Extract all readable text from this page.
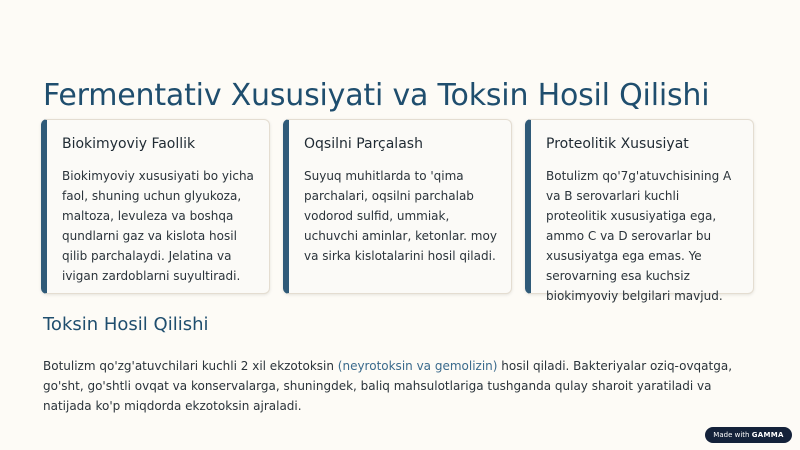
Fermentativ Xususiyati va Toksin Hosil Qilishi
Biokimyoviy Faollik

Biokimyoviy xususiyati bo yicha faol, shuning uchun glyukoza, maltoza, levuleza va boshqa qundlarni gaz va kislota hosil qilib parchalaydi. Jelatina va ivigan zardoblarni suyultiradi.

Oqsilni Parçalash

Suyuq muhitlarda to 'qima parchalari, oqsilni parchalab vodorod sulfid, ummiak, uchuvchi aminlar, ketonlar. moy va sirka kislotalarini hosil qiladi.

Proteolitik Xususiyat

Botulizm qo'7g'atuvchisining A va B serovarlari kuchli proteolitik xususiyatiga ega, ammo C va D serovarlar bu xususiyatga ega emas. Ye serovarning esa kuchsiz biokimyoviy belgilari mavjud.

Toksin Hosil Qilishi

Botulizm qo'zg'atuvchilari kuchli 2 xil ekzotoksin (neyrotoksin va gemolizin) hosil qiladi. Bakteriyalar oziq-ovqatga, go'sht, go'shtli ovqat va konservalarga, shuningdek, baliq mahsulotlariga tushganda qulay sharoit yaratiladi va natijada ko'p miqdorda ekzotoksin ajraladi.

Made with GAMMA
